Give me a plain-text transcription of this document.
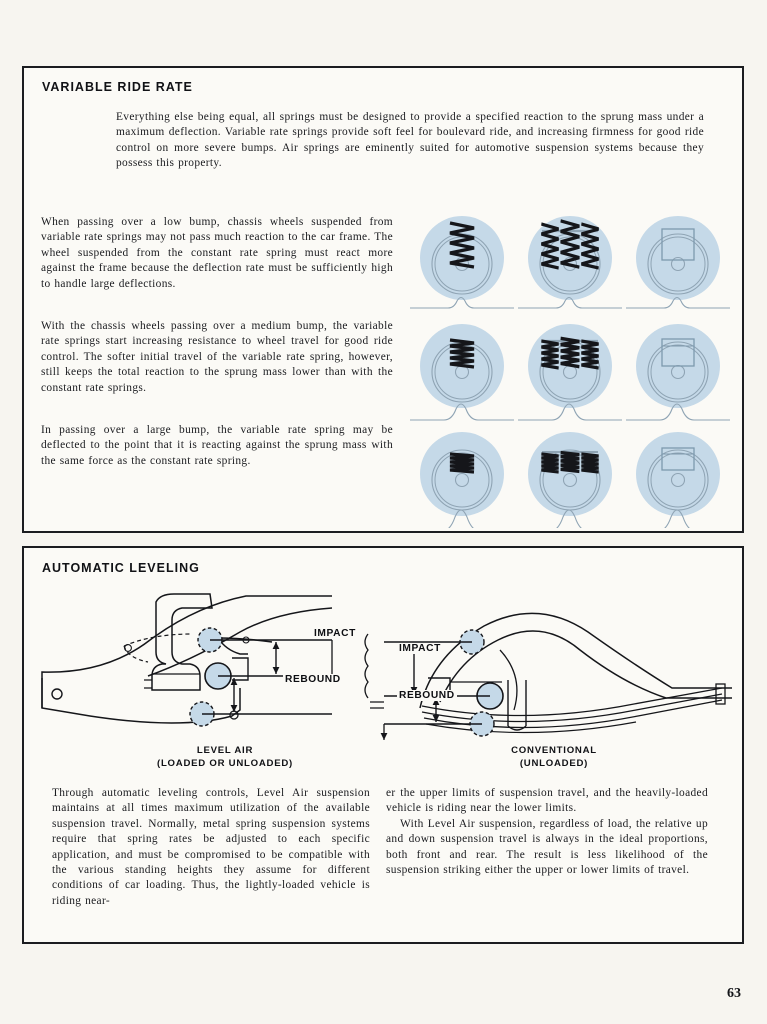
VARIABLE RIDE RATE
Everything else being equal, all springs must be designed to provide a specified reaction to the sprung mass under a maximum deflection. Variable rate springs provide soft feel for boulevard ride, and increasing firmness for good ride control on more severe bumps. Air springs are eminently suited for automotive suspension systems because they possess this property.
When passing over a low bump, chassis wheels suspended from variable rate springs may not pass much reaction to the car frame. The wheel suspended from the constant rate spring must react more against the frame because the deflection rate must be sufficiently high to handle large deflections.
With the chassis wheels passing over a medium bump, the variable rate springs start increasing resistance to wheel travel for good ride control. The softer initial travel of the variable rate spring, however, still keeps the total reaction to the sprung mass lower than with the constant rate springs.
In passing over a large bump, the variable rate spring may be deflected to the point that it is reacting against the sprung mass with the same force as the constant rate spring.
AUTOMATIC LEVELING
IMPACT
REBOUND
IMPACT
REBOUND
LEVEL AIR
(LOADED OR UNLOADED)
CONVENTIONAL
(UNLOADED)
Through automatic leveling controls, Level Air suspension maintains at all times maximum utilization of the available suspension travel. Normally, metal spring suspension systems require that spring rates be adjusted to each specific application, and must be compromised to be compatible with the various standing heights they assume for different conditions of car loading. Thus, the lightly-loaded vehicle is riding near-
er the upper limits of suspension travel, and the heavily-loaded vehicle is riding near the lower limits.
With Level Air suspension, regardless of load, the relative up and down suspension travel is always in the ideal proportions, both front and rear. The result is less likelihood of the suspension striking either the upper or lower limits of travel.
63
